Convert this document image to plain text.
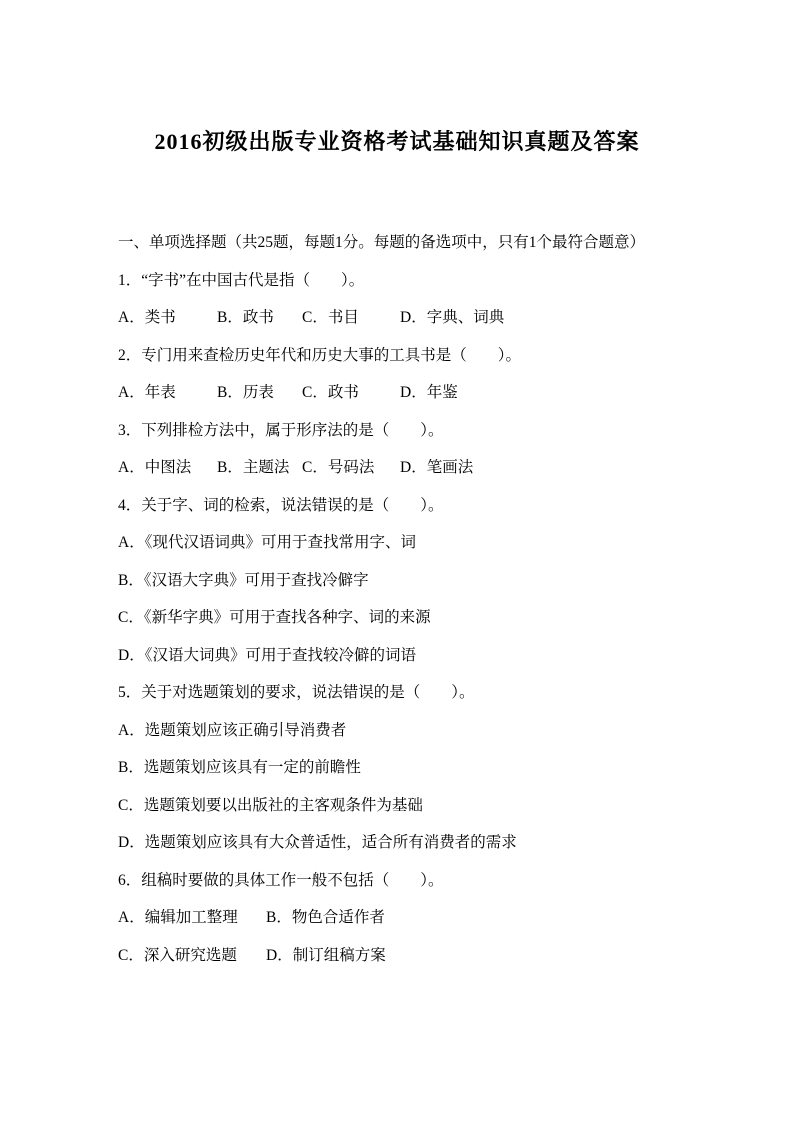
2016初级出版专业资格考试基础知识真题及答案

一、单项选择题（共25题，每题1分。每题的备选项中，只有1个最符合题意）

1．“字书”在中国古代是指（　　）。

A．类书	B．政书 C．书目	D．字典、词典

2．专门用来查检历史年代和历史大事的工具书是（　　）。

A．年表	B．历表 C．政书	D．年鉴

3．下列排检方法中，属于形序法的是（　　）。

A．中图法 B．主题法 C．号码法 D．笔画法

4．关于字、词的检索，说法错误的是（　　）。

A．《现代汉语词典》可用于查找常用字、词

B．《汉语大字典》可用于查找冷僻字

C．《新华字典》可用于查找各种字、词的来源

D．《汉语大词典》可用于查找较冷僻的词语

5．关于对选题策划的要求，说法错误的是（　　）。

A．选题策划应该正确引导消费者

B．选题策划应该具有一定的前瞻性

C．选题策划要以出版社的主客观条件为基础

D．选题策划应该具有大众普适性，适合所有消费者的需求

6．组稿时要做的具体工作一般不包括（　　）。

A．编辑加工整理 B．物色合适作者

C．深入研究选题 D．制订组稿方案
